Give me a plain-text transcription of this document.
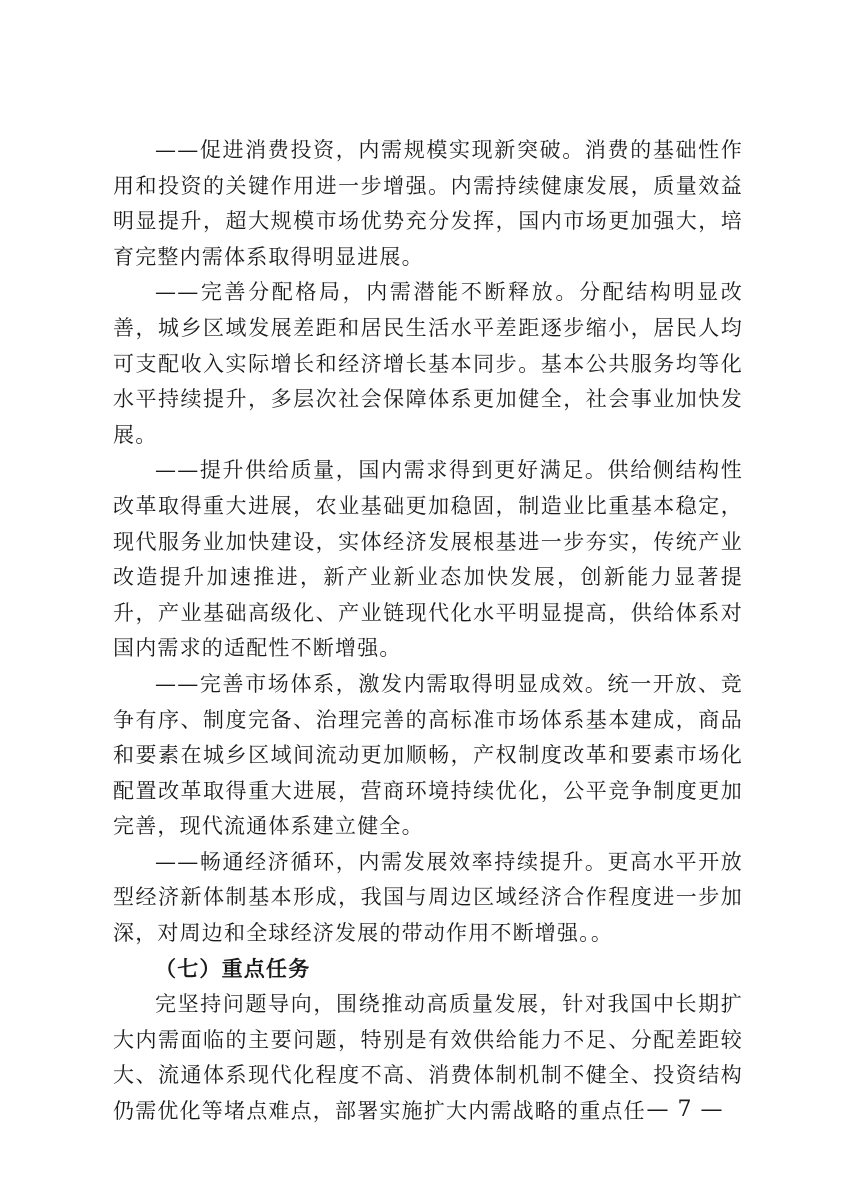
——促进消费投资，内需规模实现新突破。消费的基础性作用和投资的关键作用进一步增强。内需持续健康发展，质量效益明显提升，超大规模市场优势充分发挥，国内市场更加强大，培育完整内需体系取得明显进展。

——完善分配格局，内需潜能不断释放。分配结构明显改善，城乡区域发展差距和居民生活水平差距逐步缩小，居民人均可支配收入实际增长和经济增长基本同步。基本公共服务均等化水平持续提升，多层次社会保障体系更加健全，社会事业加快发展。

——提升供给质量，国内需求得到更好满足。供给侧结构性改革取得重大进展，农业基础更加稳固，制造业比重基本稳定，现代服务业加快建设，实体经济发展根基进一步夯实，传统产业改造提升加速推进，新产业新业态加快发展，创新能力显著提升，产业基础高级化、产业链现代化水平明显提高，供给体系对国内需求的适配性不断增强。

——完善市场体系，激发内需取得明显成效。统一开放、竞争有序、制度完备、治理完善的高标准市场体系基本建成，商品和要素在城乡区域间流动更加顺畅，产权制度改革和要素市场化配置改革取得重大进展，营商环境持续优化，公平竞争制度更加完善，现代流通体系建立健全。

——畅通经济循环，内需发展效率持续提升。更高水平开放型经济新体制基本形成，我国与周边区域经济合作程度进一步加深，对周边和全球经济发展的带动作用不断增强。。

（七）重点任务

完坚持问题导向，围绕推动高质量发展，针对我国中长期扩大内需面临的主要问题，特别是有效供给能力不足、分配差距较大、流通体系现代化程度不高、消费体制机制不健全、投资结构仍需优化等堵点难点，部署实施扩大内需战略的重点任 — 7 —
